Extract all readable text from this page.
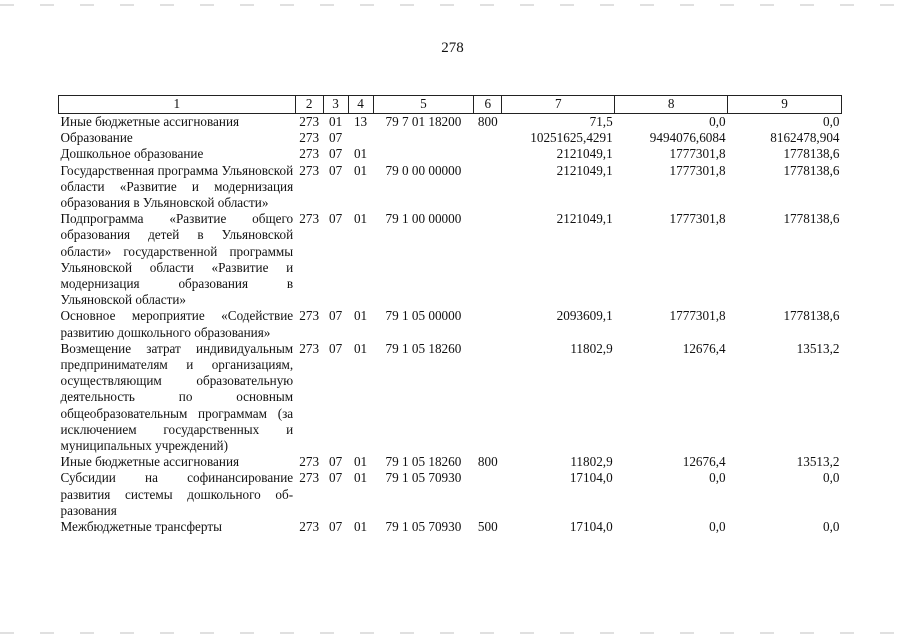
278
1	2	3	4	5	6	7	8	9
Иные бюджетные ассигнования	273	01	13	79 7 01 18200	800	71,5	0,0	0,0
Образование	273	07				10251625,4291	9494076,6084	8162478,904
Дошкольное образование	273	07	01			2121049,1	1777301,8	1778138,6
Государственная программа Ульяновской области «Развитие и модернизация образования в Ульяновской области»	273	07	01	79 0 00 00000		2121049,1	1777301,8	1778138,6
Подпрограмма «Развитие общего образования детей в Ульяновской области» государственной программы Ульяновской области «Развитие и модернизация образования в Ульяновской области»	273	07	01	79 1 00 00000		2121049,1	1777301,8	1778138,6
Основное мероприятие «Содействие развитию дошкольного образования»	273	07	01	79 1 05 00000		2093609,1	1777301,8	1778138,6
Возмещение затрат индивидуальным предпринимателям и организациям, осуществляющим образовательную деятельность по основным общеобразовательным программам (за исключением государственных и муниципальных учреждений)	273	07	01	79 1 05 18260		11802,9	12676,4	13513,2
Иные бюджетные ассигнования	273	07	01	79 1 05 18260	800	11802,9	12676,4	13513,2
Субсидии на софинансирование развития системы дошкольного образования	273	07	01	79 1 05 70930		17104,0	0,0	0,0
Межбюджетные трансферты	273	07	01	79 1 05 70930	500	17104,0	0,0	0,0
